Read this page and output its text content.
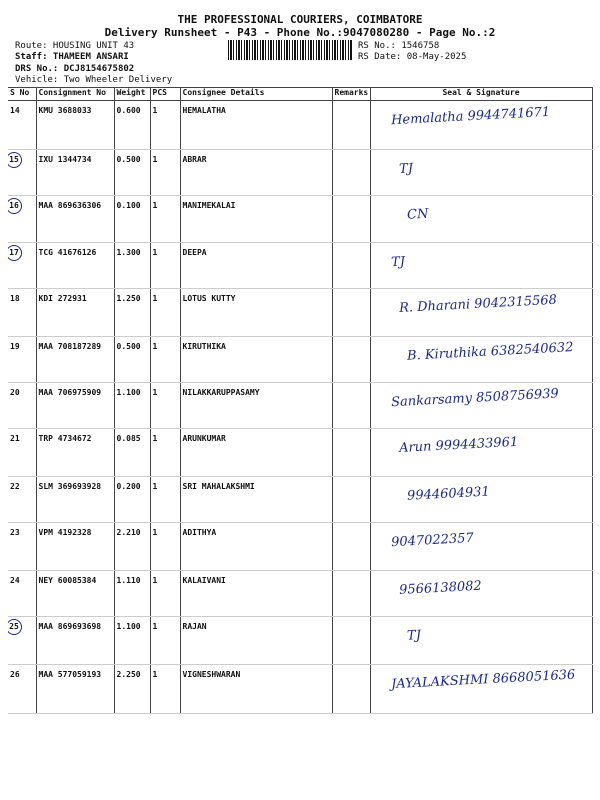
THE PROFESSIONAL COURIERS, COIMBATORE
Delivery Runsheet - P43 - Phone No.:9047080280 - Page No.:2
Route: HOUSING UNIT 43
Staff: THAMEEM ANSARI
DRS No.: DCJ8154675802
Vehicle: Two Wheeler Delivery
RS No.: 1546758
RS Date: 08-May-2025
S No	Consignment No	Weight	PCS	Consignee Details	Remarks	Seal & Signature
14	KMU 3688033	0.600	1	HEMALATHA		Hemalatha 9944741671

15	IXU 1344734	0.500	1	ABRAR		TJ

16	MAA 869636306	0.100	1	MANIMEKALAI		CN

17	TCG 41676126	1.300	1	DEEPA		TJ

18	KDI 272931	1.250	1	LOTUS KUTTY		R. Dharani 9042315568

19	MAA 708187289	0.500	1	KIRUTHIKA		B. Kiruthika 6382540632

20	MAA 706975909	1.100	1	NILAKKARUPPASAMY		Sankarsamy 8508756939

21	TRP 4734672	0.085	1	ARUNKUMAR		Arun 9994433961

22	SLM 369693928	0.200	1	SRI MAHALAKSHMI		9944604931

23	VPM 4192328	2.210	1	ADITHYA		9047022357

24	NEY 60085384	1.110	1	KALAIVANI		9566138082

25	MAA 869693698	1.100	1	RAJAN		TJ

26	MAA 577059193	2.250	1	VIGNESHWARAN		JAYALAKSHMI 8668051636
